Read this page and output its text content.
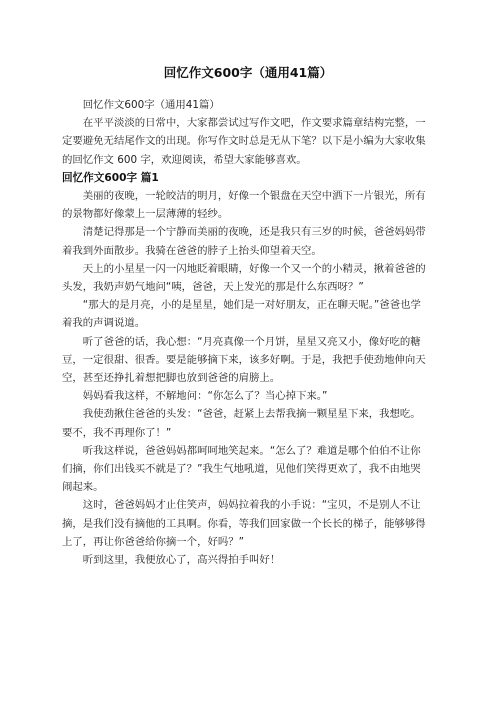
回忆作文600字（通用41篇）

回忆作文600字（通用41篇）

在平平淡淡的日常中，大家都尝试过写作文吧，作文要求篇章结构完整，一定要避免无结尾作文的出现。你写作文时总是无从下笔？以下是小编为大家收集的回忆作文 600 字，欢迎阅读，希望大家能够喜欢。

回忆作文600字 篇1

美丽的夜晚，一轮皎洁的明月，好像一个银盘在天空中洒下一片银光，所有的景物都好像蒙上一层薄薄的轻纱。

清楚记得那是一个宁静而美丽的夜晚，还是我只有三岁的时候，爸爸妈妈带着我到外面散步。我骑在爸爸的脖子上抬头仰望着天空。

天上的小星星一闪一闪地眨着眼睛，好像一个又一个的小精灵，揪着爸爸的头发，我奶声奶气地问“咦，爸爸，天上发光的那是什么东西呀？”

“那大的是月亮，小的是星星，她们是一对好朋友，正在聊天呢。”爸爸也学着我的声调说道。

听了爸爸的话，我心想：“月亮真像一个月饼，星星又亮又小，像好吃的糖豆，一定很甜、很香。要是能够摘下来，该多好啊。于是，我把手使劲地伸向天空，甚至还挣扎着想把脚也放到爸爸的肩膀上。

妈妈看我这样，不解地问：“你怎么了？当心掉下来。”

我使劲揪住爸爸的头发：“爸爸，赶紧上去帮我摘一颗星星下来，我想吃。要不，我不再理你了！”

听我这样说，爸爸妈妈都呵呵地笑起来。“怎么了？难道是哪个伯伯不让你们摘，你们出钱买不就是了？”我生气地吼道，见他们笑得更欢了，我不由地哭闹起来。

这时，爸爸妈妈才止住笑声，妈妈拉着我的小手说：“宝贝，不是别人不让摘，是我们没有摘他的工具啊。你看，等我们回家做一个长长的梯子，能够够得上了，再让你爸爸给你摘一个，好吗？”

听到这里，我便放心了，高兴得拍手叫好！
